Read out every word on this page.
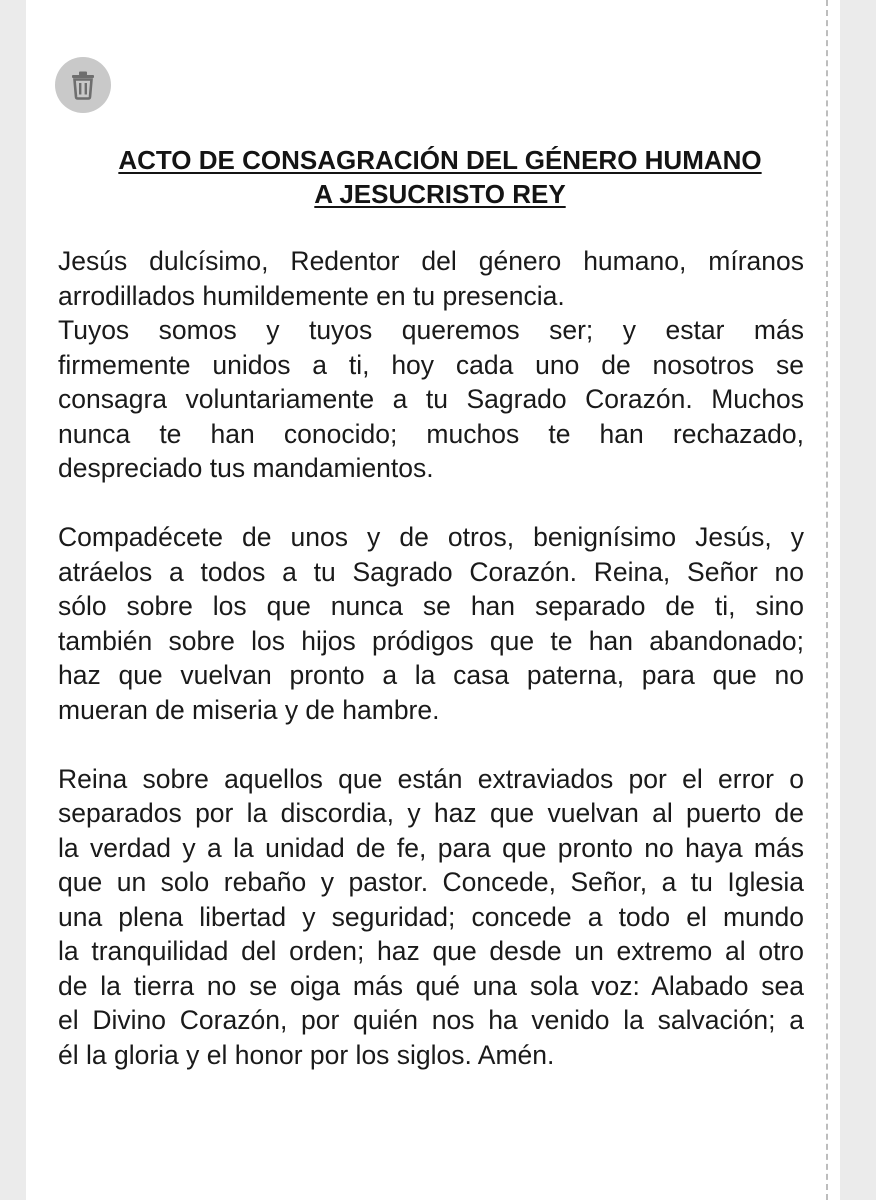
ACTO DE CONSAGRACIÓN DEL GÉNERO HUMANO
A JESUCRISTO REY

Jesús dulcísimo, Redentor del género humano, míranos
arrodillados humildemente en tu presencia.

Tuyos somos y tuyos queremos ser; y estar más
firmemente unidos a ti, hoy cada uno de nosotros se
consagra voluntariamente a tu Sagrado Corazón. Muchos
nunca te han conocido; muchos te han rechazado,
despreciado tus mandamientos.

Compadécete de unos y de otros, benignísimo Jesús, y
atráelos a todos a tu Sagrado Corazón. Reina, Señor no
sólo sobre los que nunca se han separado de ti, sino
también sobre los hijos pródigos que te han abandonado;
haz que vuelvan pronto a la casa paterna, para que no
mueran de miseria y de hambre.

Reina sobre aquellos que están extraviados por el error o
separados por la discordia, y haz que vuelvan al puerto de
la verdad y a la unidad de fe, para que pronto no haya más
que un solo rebaño y pastor. Concede, Señor, a tu Iglesia
una plena libertad y seguridad; concede a todo el mundo
la tranquilidad del orden; haz que desde un extremo al otro
de la tierra no se oiga más qué una sola voz: Alabado sea
el Divino Corazón, por quién nos ha venido la salvación; a
él la gloria y el honor por los siglos. Amén.
